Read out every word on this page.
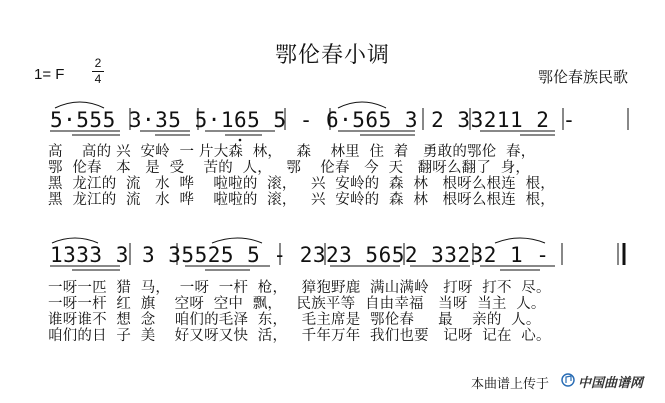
鄂伦春小调
1= F
2
4	鄂伦春族民歌
5·555 3·35 5·165 5 - 6·565 3 2 33211 2 -
高    高的 兴  安岭  一 片大森  林，   森    林里  住  着   勇敢的鄂伦  春，
鄂  伦春   本   是  受    苦的  人，   鄂    伦春   今  天   翻呀么翻了  身，
黑  龙江的  流   水  哗    啦啦的  滚，   兴  安岭的  森  林   根呀么根连  根，
黑  龙江的  流   水  哗    啦啦的  滚，   兴  安岭的  森  林   根呀么根连  根，
1333 3 3 35525 5 - 2323 5652 33232 1 -
一呀一匹  猎  马，  一呀  一杆  枪，   獐狍野鹿  满山满岭   打呀  打不  尽。
一呀一杆  红  旗    空呀  空中  飘，   民族平等  自由幸福   当呀  当主  人。
谁呀谁不  想  念    咱们的毛泽  东，   毛主席是  鄂伦春     最    亲的  人。
咱们的日  子  美    好又呀又快  活，   千年万年  我们也要   记呀  记在  心。
本曲谱上传于 中国曲谱网
